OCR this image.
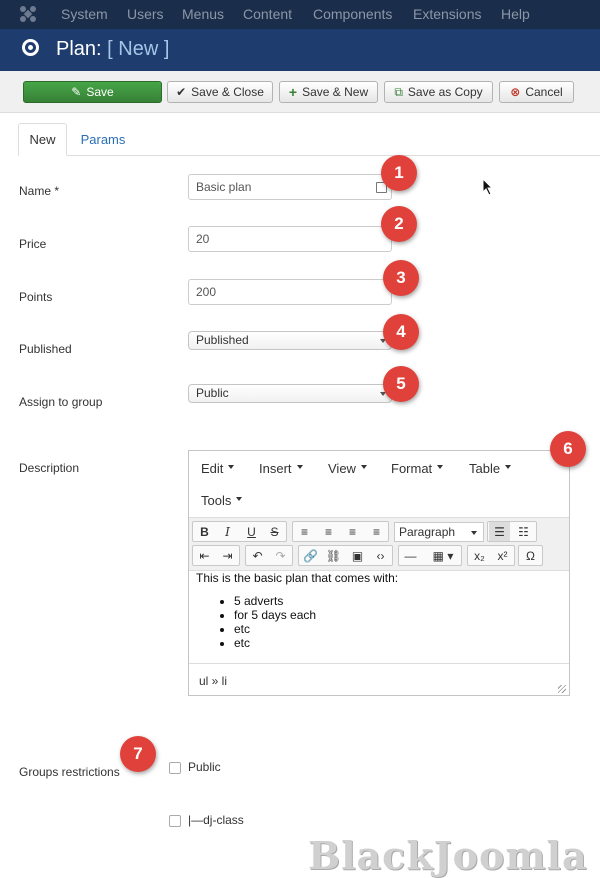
System Users Menus Content Components Extensions Help
Plan: [ New ]
✎ Save	✔ Save & Close + Save & New ⧉ Save as Copy ⊗ Cancel
New	Params
Name *	Basic plan
Price	20
Points	200
Published
Published
Assign to group
Public
Description	Edit	Insert	View	Format	Table
Tools
B	I	U	S	≡	≡	≡	≡	Paragraph	☰	☷
⇤	⇥	↶	↷	🔗 ⛓ ▣	‹›	—	▦ ▾	x₂	x²	Ω

This is the basic plan that comes with:

• 5 adverts
• for 5 days each
• etc
• etc
ul » li
Groups restrictions	Public
|—dj-class
1
2
3
4
5
6
7
BlackJoomla
